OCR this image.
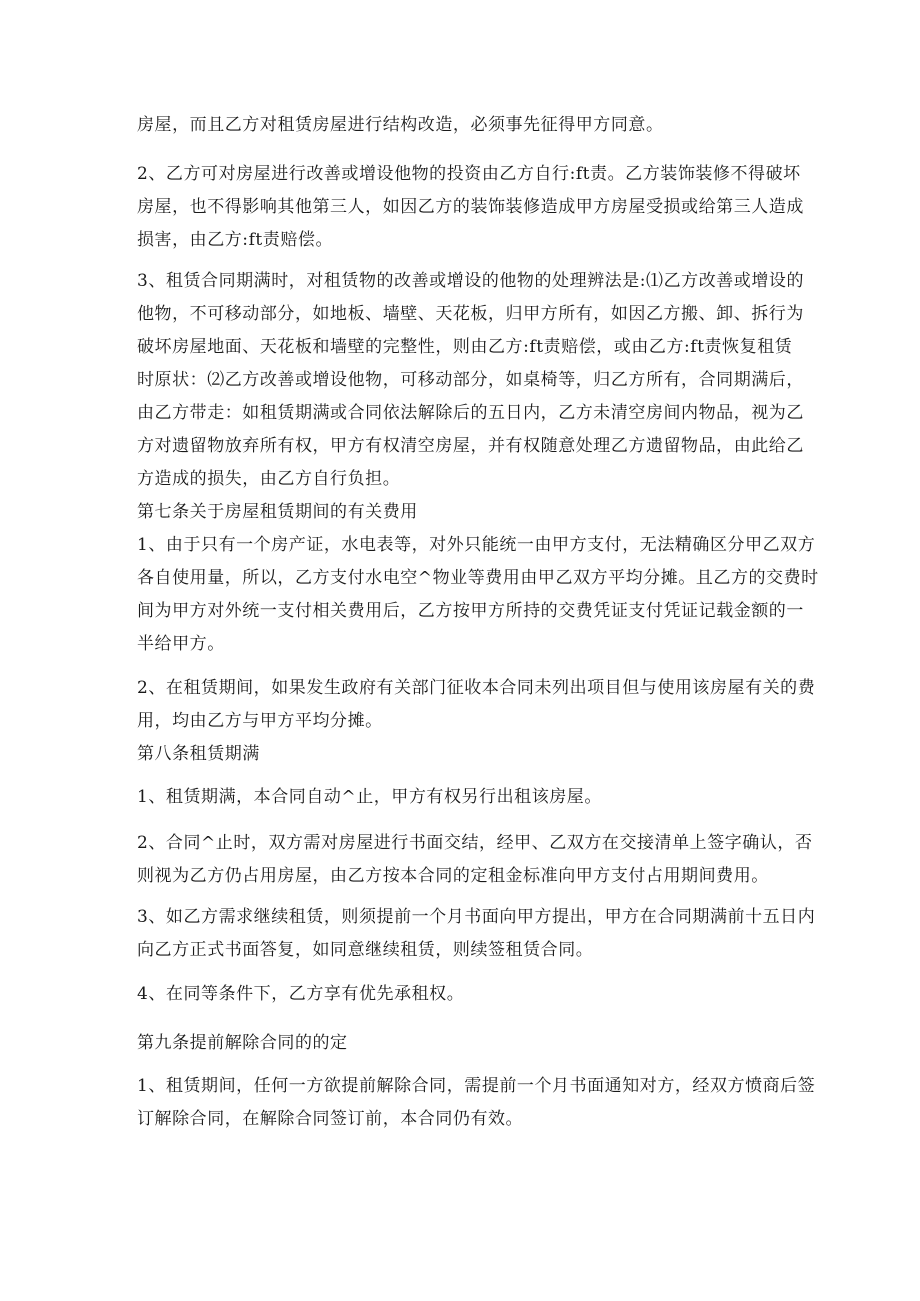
房屋，而且乙方对租赁房屋进行结构改造，必须事先征得甲方同意。

2、乙方可对房屋进行改善或增设他物的投资由乙方自行:ft责。乙方装饰装修不得破坏

房屋，也不得影响其他第三人，如因乙方的装饰装修造成甲方房屋受损或给第三人造成

损害，由乙方:ft责赔偿。

3、租赁合同期满时，对租赁物的改善或增设的他物的处理辨法是:⑴乙方改善或增设的

他物，不可移动部分，如地板、墙壁、天花板，归甲方所有，如因乙方搬、卸、拆行为

破坏房屋地面、天花板和墙壁的完整性，则由乙方:ft责赔偿，或由乙方:ft责恢复租赁

时原状：⑵乙方改善或增设他物，可移动部分，如桌椅等，归乙方所有，合同期满后，

由乙方带走：如租赁期满或合同依法解除后的五日内，乙方未清空房间内物品，视为乙

方对遗留物放弃所有权，甲方有权清空房屋，并有权随意处理乙方遗留物品，由此给乙

方造成的损失，由乙方自行负担。

第七条关于房屋租赁期间的有关费用

1、由于只有一个房产证，水电表等，对外只能统一由甲方支付，无法精确区分甲乙双方

各自使用量，所以，乙方支付水电空^物业等费用由甲乙双方平均分摊。且乙方的交费时

间为甲方对外统一支付相关费用后，乙方按甲方所持的交费凭证支付凭证记载金额的一

半给甲方。

2、在租赁期间，如果发生政府有关部门征收本合同未列出项目但与使用该房屋有关的费

用，均由乙方与甲方平均分摊。

第八条租赁期满

1、租赁期满，本合同自动^止，甲方有权另行出租该房屋。

2、合同^止时，双方需对房屋进行书面交结，经甲、乙双方在交接清单上签字确认，否

则视为乙方仍占用房屋，由乙方按本合同的定租金标准向甲方支付占用期间费用。

3、如乙方需求继续租赁，则须提前一个月书面向甲方提出，甲方在合同期满前十五日内

向乙方正式书面答复，如同意继续租赁，则续签租赁合同。

4、在同等条件下，乙方享有优先承租权。

第九条提前解除合同的的定

1、租赁期间，任何一方欲提前解除合同，需提前一个月书面通知对方，经双方愤商后签

订解除合同，在解除合同签订前，本合同仍有效。
